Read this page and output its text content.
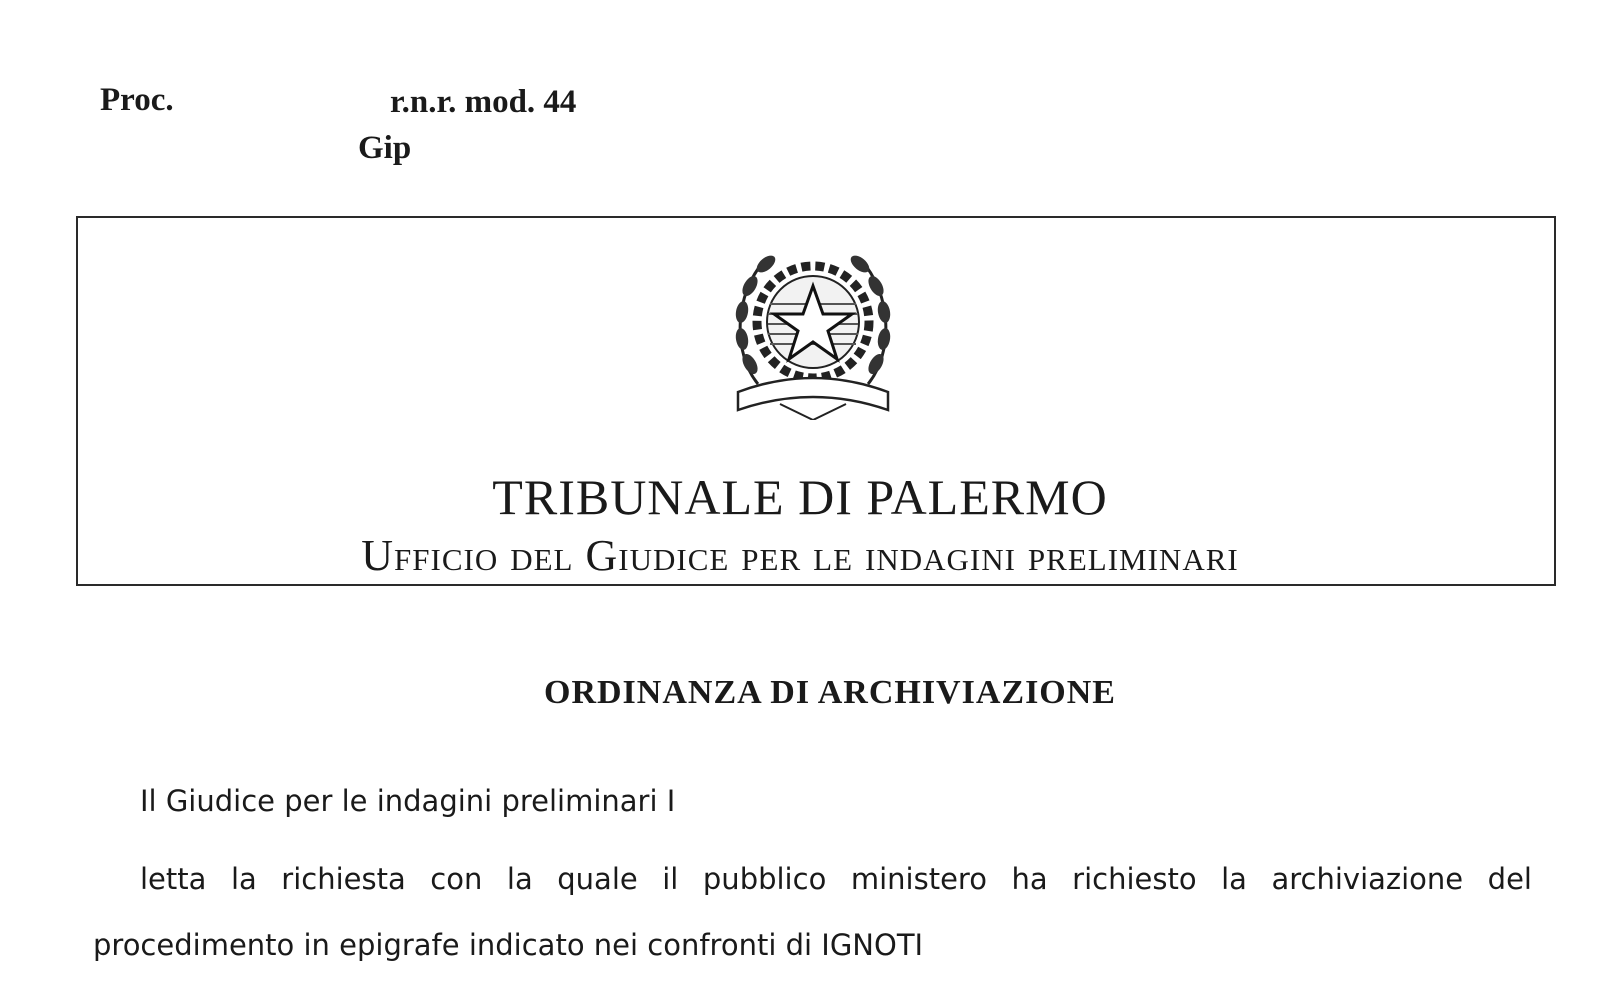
Proc.	r.n.r. mod. 44
Gip
TRIBUNALE DI PALERMO
Ufficio del Giudice per le indagini preliminari
ORDINANZA DI ARCHIVIAZIONE
Il Giudice per le indagini preliminari I
letta la richiesta con la quale il pubblico ministero ha richiesto la archiviazione del
procedimento in epigrafe indicato nei confronti di IGNOTI
